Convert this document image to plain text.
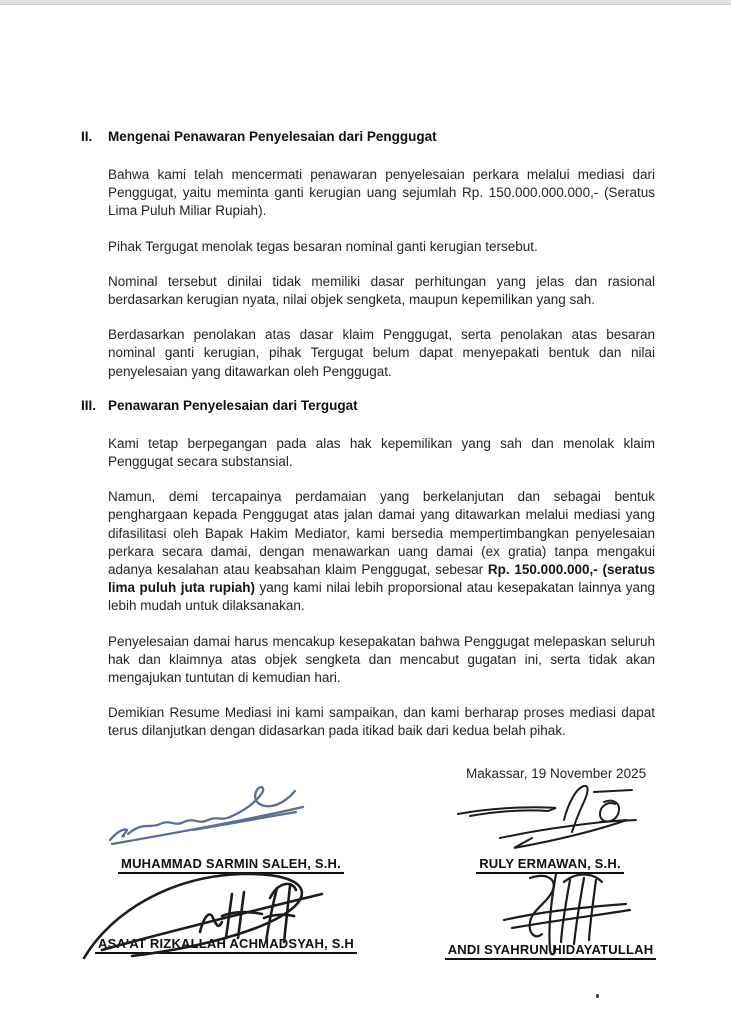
II.	Mengenai Penawaran Penyelesaian dari Penggugat

Bahwa kami telah mencermati penawaran penyelesaian perkara melalui mediasi dari Penggugat, yaitu meminta ganti kerugian uang sejumlah Rp. 150.000.000.000,- (Seratus Lima Puluh Miliar Rupiah).

Pihak Tergugat menolak tegas besaran nominal ganti kerugian tersebut.

Nominal tersebut dinilai tidak memiliki dasar perhitungan yang jelas dan rasional berdasarkan kerugian nyata, nilai objek sengketa, maupun kepemilikan yang sah.

Berdasarkan penolakan atas dasar klaim Penggugat, serta penolakan atas besaran nominal ganti kerugian, pihak Tergugat belum dapat menyepakati bentuk dan nilai penyelesaian yang ditawarkan oleh Penggugat.

III. Penawaran Penyelesaian dari Tergugat

Kami tetap berpegangan pada alas hak kepemilikan yang sah dan menolak klaim Penggugat secara substansial.

Namun, demi tercapainya perdamaian yang berkelanjutan dan sebagai bentuk penghargaan kepada Penggugat atas jalan damai yang ditawarkan melalui mediasi yang difasilitasi oleh Bapak Hakim Mediator, kami bersedia mempertimbangkan penyelesaian perkara secara damai, dengan menawarkan uang damai (ex gratia) tanpa mengakui adanya kesalahan atau keabsahan klaim Penggugat, sebesar Rp. 150.000.000,- (seratus lima puluh juta rupiah) yang kami nilai lebih proporsional atau kesepakatan lainnya yang lebih mudah untuk dilaksanakan.

Penyelesaian damai harus mencakup kesepakatan bahwa Penggugat melepaskan seluruh hak dan klaimnya atas objek sengketa dan mencabut gugatan ini, serta tidak akan mengajukan tuntutan di kemudian hari.

Demikian Resume Mediasi ini kami sampaikan, dan kami berharap proses mediasi dapat terus dilanjutkan dengan didasarkan pada itikad baik dari kedua belah pihak.

Makassar, 19 November 2025
MUHAMMAD SARMIN SALEH, S.H.	RULY ERMAWAN, S.H.
ASA'AT RIZKALLAH ACHMADSYAH, S.H	ANDI SYAHRUN HIDAYATULLAH
